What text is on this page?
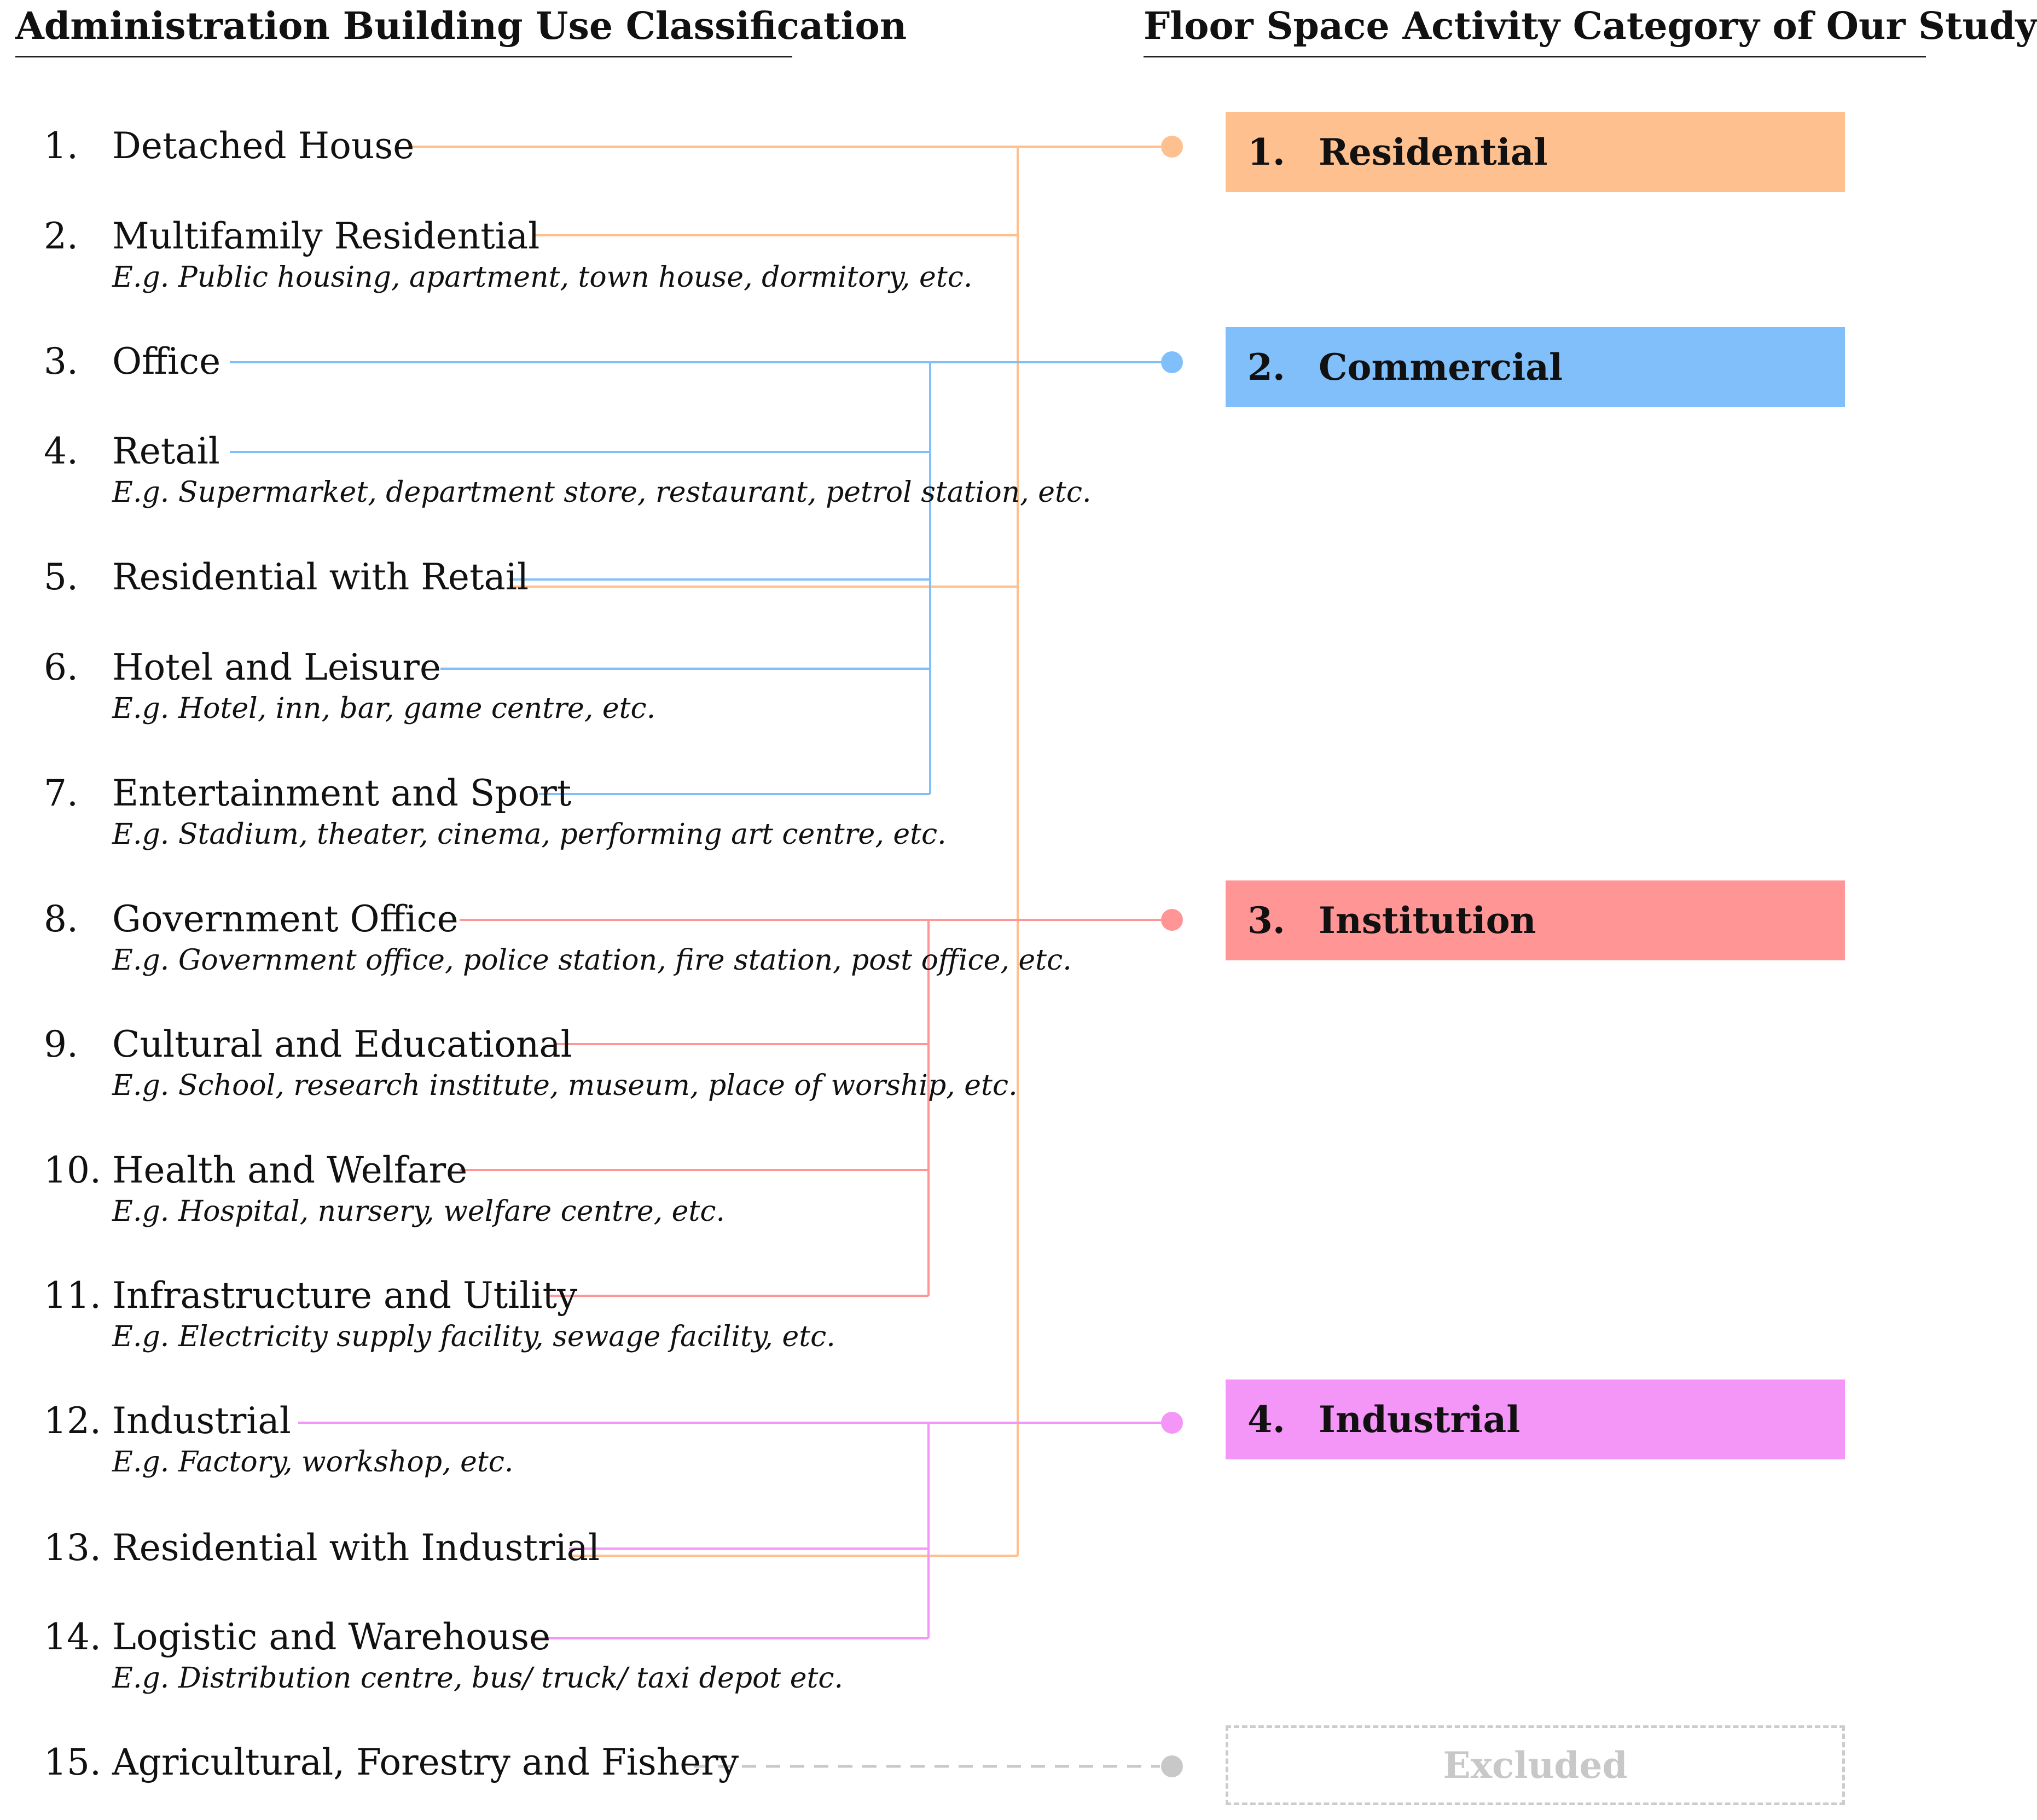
Administration Building Use Classification	Floor Space Activity Category of Our Study
1. Detached House
2. Multifamily Residential
E.g. Public housing, apartment, town house, dormitory, etc.
3. Office
4. Retail
E.g. Supermarket, department store, restaurant, petrol station, etc.
5. Residential with Retail
6. Hotel and Leisure
E.g. Hotel, inn, bar, game centre, etc.
7. Entertainment and Sport
E.g. Stadium, theater, cinema, performing art centre, etc.
8. Government Office
E.g. Government office, police station, fire station, post office, etc.
9. Cultural and Educational
E.g. School, research institute, museum, place of worship, etc.
10. Health and Welfare
E.g. Hospital, nursery, welfare centre, etc.
11. Infrastructure and Utility
E.g. Electricity supply facility, sewage facility, etc.
12. Industrial
E.g. Factory, workshop, etc.
13. Residential with Industrial
14. Logistic and Warehouse
E.g. Distribution centre, bus/ truck/ taxi depot etc.
15. Agricultural, Forestry and Fishery
1. Residential
2. Commercial
3. Institution
4. Industrial
Excluded
